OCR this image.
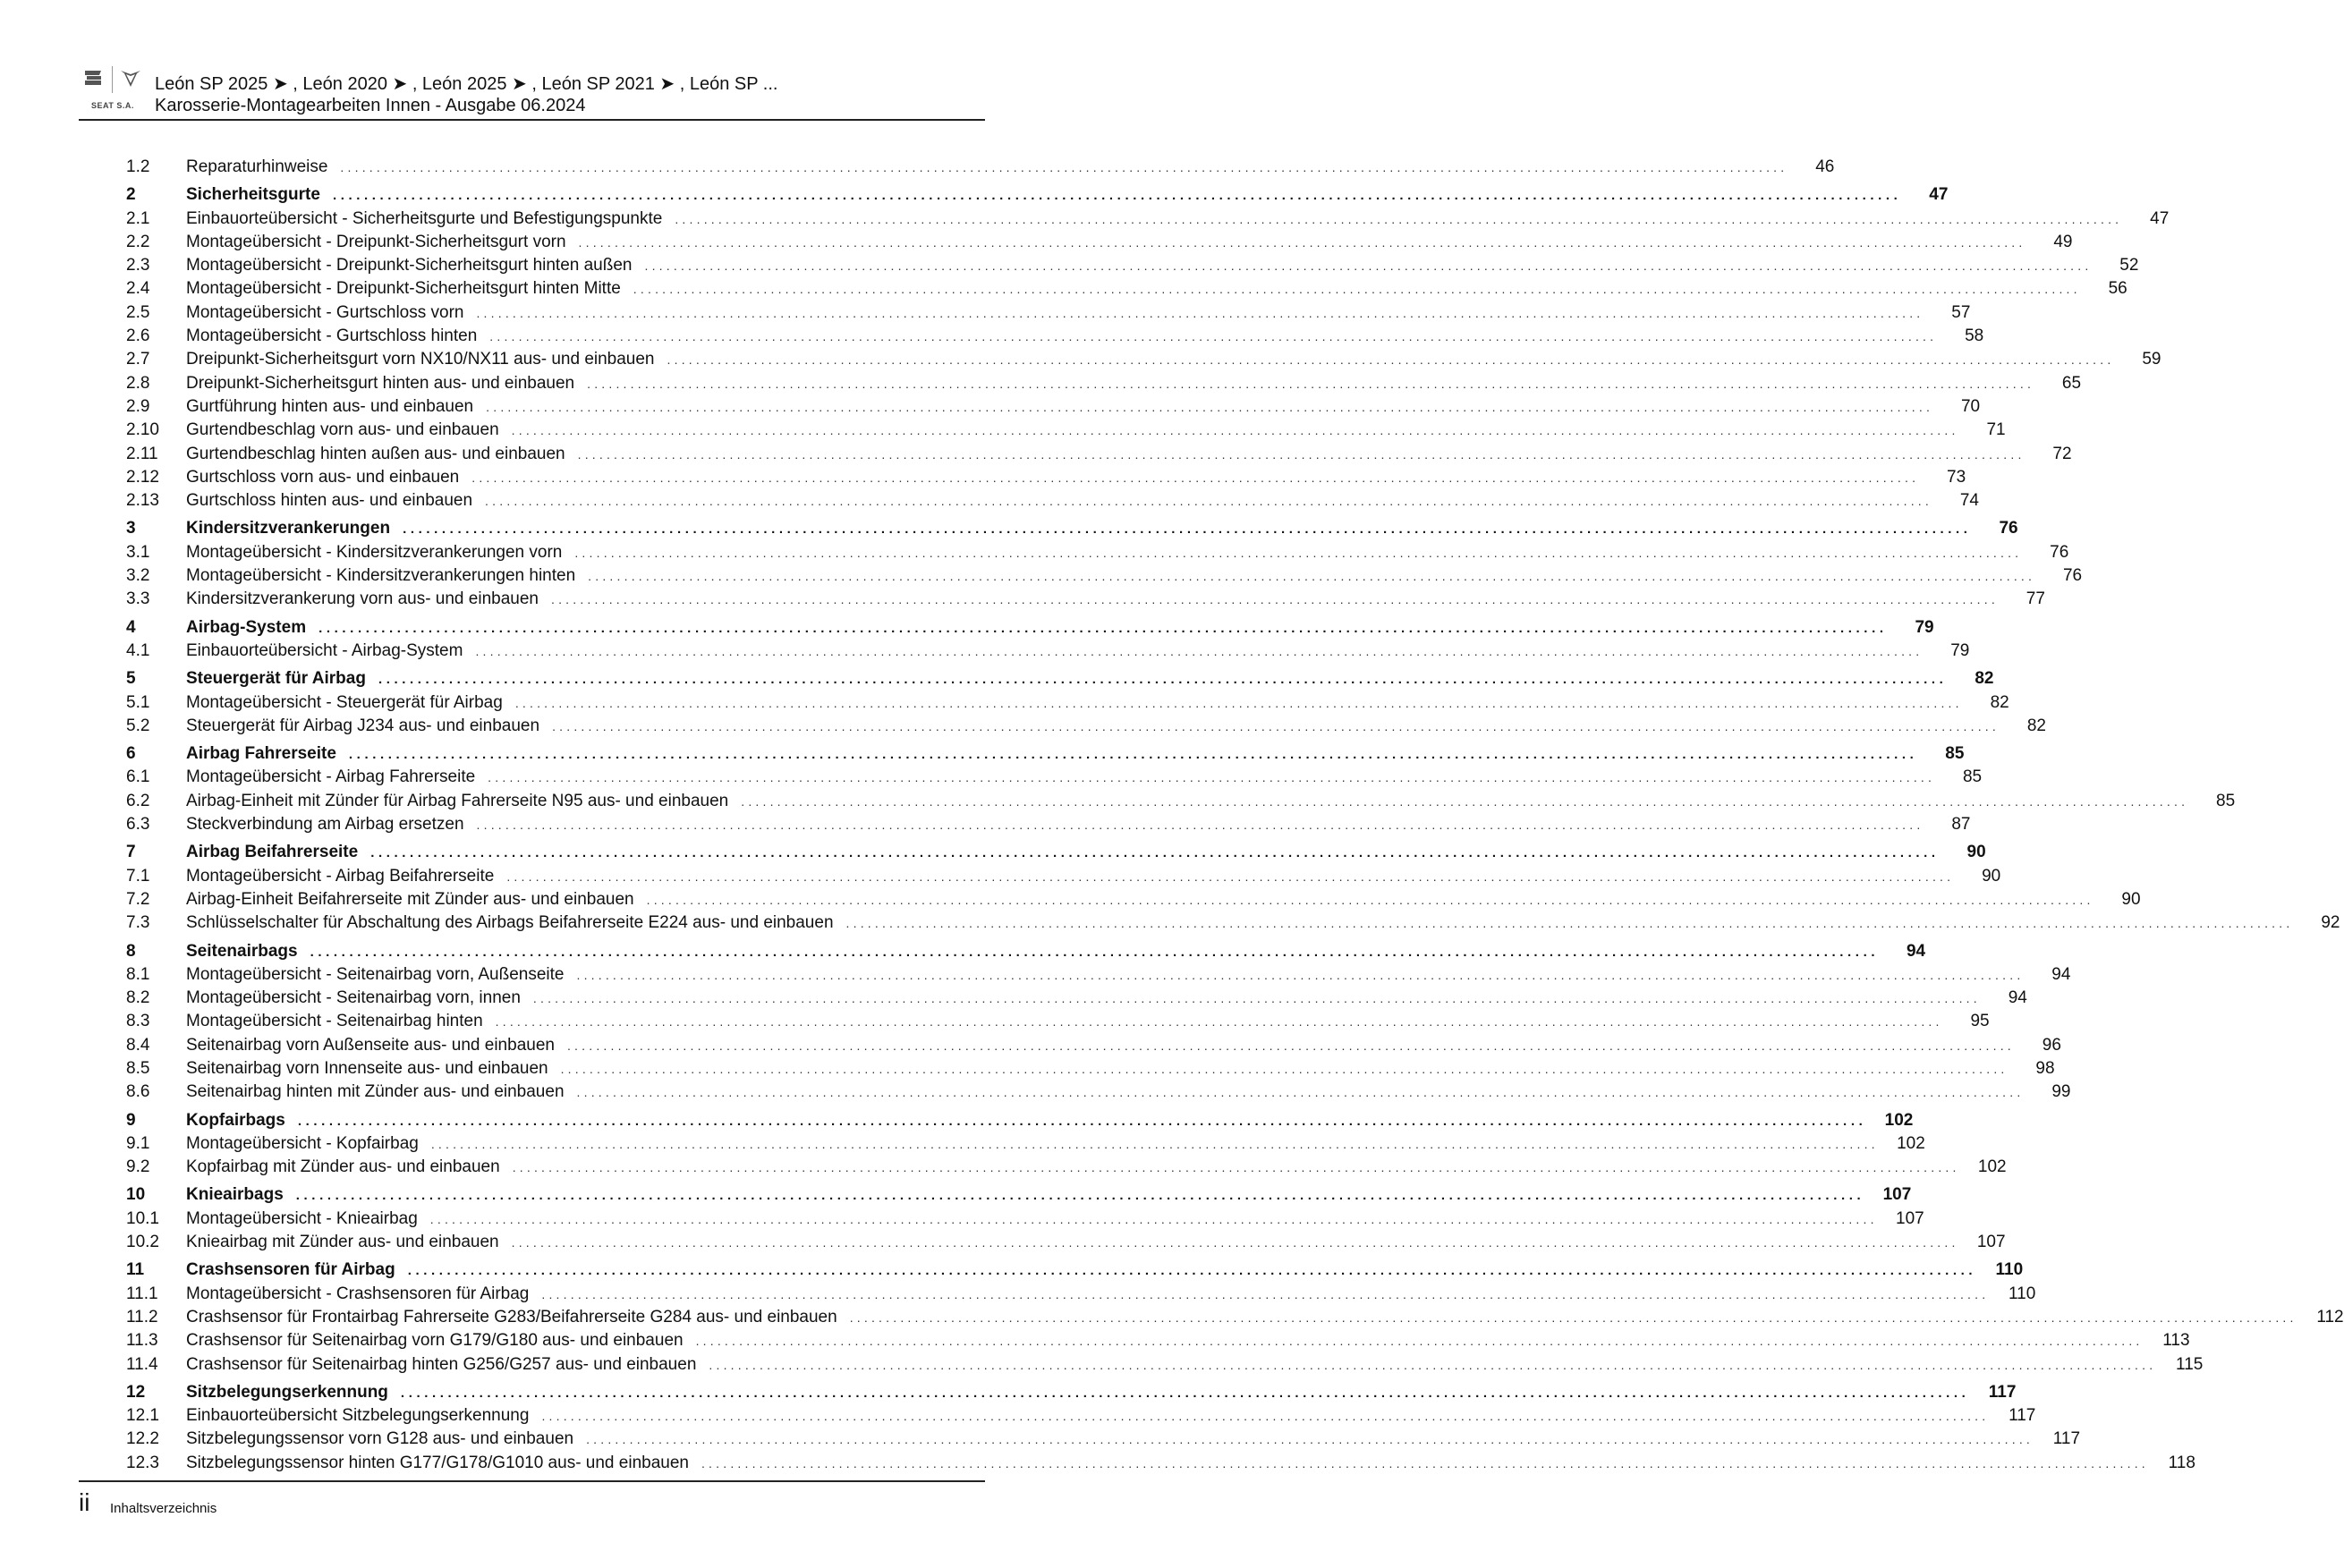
SEAT S.A.
León SP 2025 ➤ , León 2020 ➤ , León 2025 ➤ , León SP 2021 ➤ , León SP ...
Karosserie-Montagearbeiten Innen - Ausgabe 06.2024
1.2	Reparaturhinweise ........................................................................................................................................................................................................	46
2	Sicherheitsgurte ........................................................................................................................................................................................................	47
2.1	Einbauorteübersicht - Sicherheitsgurte und Befestigungspunkte ........................................................................................................................................................................................................	47
2.2	Montageübersicht - Dreipunkt-Sicherheitsgurt vorn ........................................................................................................................................................................................................	49
2.3	Montageübersicht - Dreipunkt-Sicherheitsgurt hinten außen ........................................................................................................................................................................................................	52
2.4	Montageübersicht - Dreipunkt-Sicherheitsgurt hinten Mitte ........................................................................................................................................................................................................	56
2.5	Montageübersicht - Gurtschloss vorn ........................................................................................................................................................................................................	57
2.6	Montageübersicht - Gurtschloss hinten ........................................................................................................................................................................................................	58
2.7	Dreipunkt-Sicherheitsgurt vorn NX10/NX11 aus- und einbauen ........................................................................................................................................................................................................	59
2.8	Dreipunkt-Sicherheitsgurt hinten aus- und einbauen ........................................................................................................................................................................................................	65
2.9	Gurtführung hinten aus- und einbauen ........................................................................................................................................................................................................	70
2.10	Gurtendbeschlag vorn aus- und einbauen ........................................................................................................................................................................................................	71
2.11	Gurtendbeschlag hinten außen aus- und einbauen ........................................................................................................................................................................................................	72
2.12	Gurtschloss vorn aus- und einbauen ........................................................................................................................................................................................................	73
2.13	Gurtschloss hinten aus- und einbauen ........................................................................................................................................................................................................	74
3	Kindersitzverankerungen ........................................................................................................................................................................................................	76
3.1	Montageübersicht - Kindersitzverankerungen vorn ........................................................................................................................................................................................................	76
3.2	Montageübersicht - Kindersitzverankerungen hinten ........................................................................................................................................................................................................	76
3.3	Kindersitzverankerung vorn aus- und einbauen ........................................................................................................................................................................................................	77
4	Airbag-System ........................................................................................................................................................................................................	79
4.1	Einbauorteübersicht - Airbag-System ........................................................................................................................................................................................................	79
5	Steuergerät für Airbag ........................................................................................................................................................................................................	82
5.1	Montageübersicht - Steuergerät für Airbag ........................................................................................................................................................................................................	82
5.2	Steuergerät für Airbag J234 aus- und einbauen ........................................................................................................................................................................................................	82
6	Airbag Fahrerseite ........................................................................................................................................................................................................	85
6.1	Montageübersicht - Airbag Fahrerseite ........................................................................................................................................................................................................	85
6.2	Airbag-Einheit mit Zünder für Airbag Fahrerseite N95 aus- und einbauen ........................................................................................................................................................................................................	85
6.3	Steckverbindung am Airbag ersetzen ........................................................................................................................................................................................................	87
7	Airbag Beifahrerseite ........................................................................................................................................................................................................	90
7.1	Montageübersicht - Airbag Beifahrerseite ........................................................................................................................................................................................................	90
7.2	Airbag-Einheit Beifahrerseite mit Zünder aus- und einbauen ........................................................................................................................................................................................................	90
7.3	Schlüsselschalter für Abschaltung des Airbags Beifahrerseite E224 aus- und einbauen ........................................................................................................................................................................................................	92
8	Seitenairbags ........................................................................................................................................................................................................	94
8.1	Montageübersicht - Seitenairbag vorn, Außenseite ........................................................................................................................................................................................................	94
8.2	Montageübersicht - Seitenairbag vorn, innen ........................................................................................................................................................................................................	94
8.3	Montageübersicht - Seitenairbag hinten ........................................................................................................................................................................................................	95
8.4	Seitenairbag vorn Außenseite aus- und einbauen ........................................................................................................................................................................................................	96
8.5	Seitenairbag vorn Innenseite aus- und einbauen ........................................................................................................................................................................................................	98
8.6	Seitenairbag hinten mit Zünder aus- und einbauen ........................................................................................................................................................................................................	99
9	Kopfairbags ........................................................................................................................................................................................................	102
9.1	Montageübersicht - Kopfairbag ........................................................................................................................................................................................................	102
9.2	Kopfairbag mit Zünder aus- und einbauen ........................................................................................................................................................................................................	102
10	Knieairbags ........................................................................................................................................................................................................	107
10.1	Montageübersicht - Knieairbag ........................................................................................................................................................................................................	107
10.2	Knieairbag mit Zünder aus- und einbauen ........................................................................................................................................................................................................	107
11	Crashsensoren für Airbag ........................................................................................................................................................................................................	110
11.1	Montageübersicht - Crashsensoren für Airbag ........................................................................................................................................................................................................	110
11.2	Crashsensor für Frontairbag Fahrerseite G283/Beifahrerseite G284 aus- und einbauen ........................................................................................................................................................................................................	112
11.3	Crashsensor für Seitenairbag vorn G179/G180 aus- und einbauen ........................................................................................................................................................................................................	113
11.4	Crashsensor für Seitenairbag hinten G256/G257 aus- und einbauen ........................................................................................................................................................................................................	115
12	Sitzbelegungserkennung ........................................................................................................................................................................................................	117
12.1	Einbauorteübersicht Sitzbelegungserkennung ........................................................................................................................................................................................................	117
12.2	Sitzbelegungssensor vorn G128 aus- und einbauen ........................................................................................................................................................................................................	117
12.3	Sitzbelegungssensor hinten G177/G178/G1010 aus- und einbauen ........................................................................................................................................................................................................	118
ii Inhaltsverzeichnis
